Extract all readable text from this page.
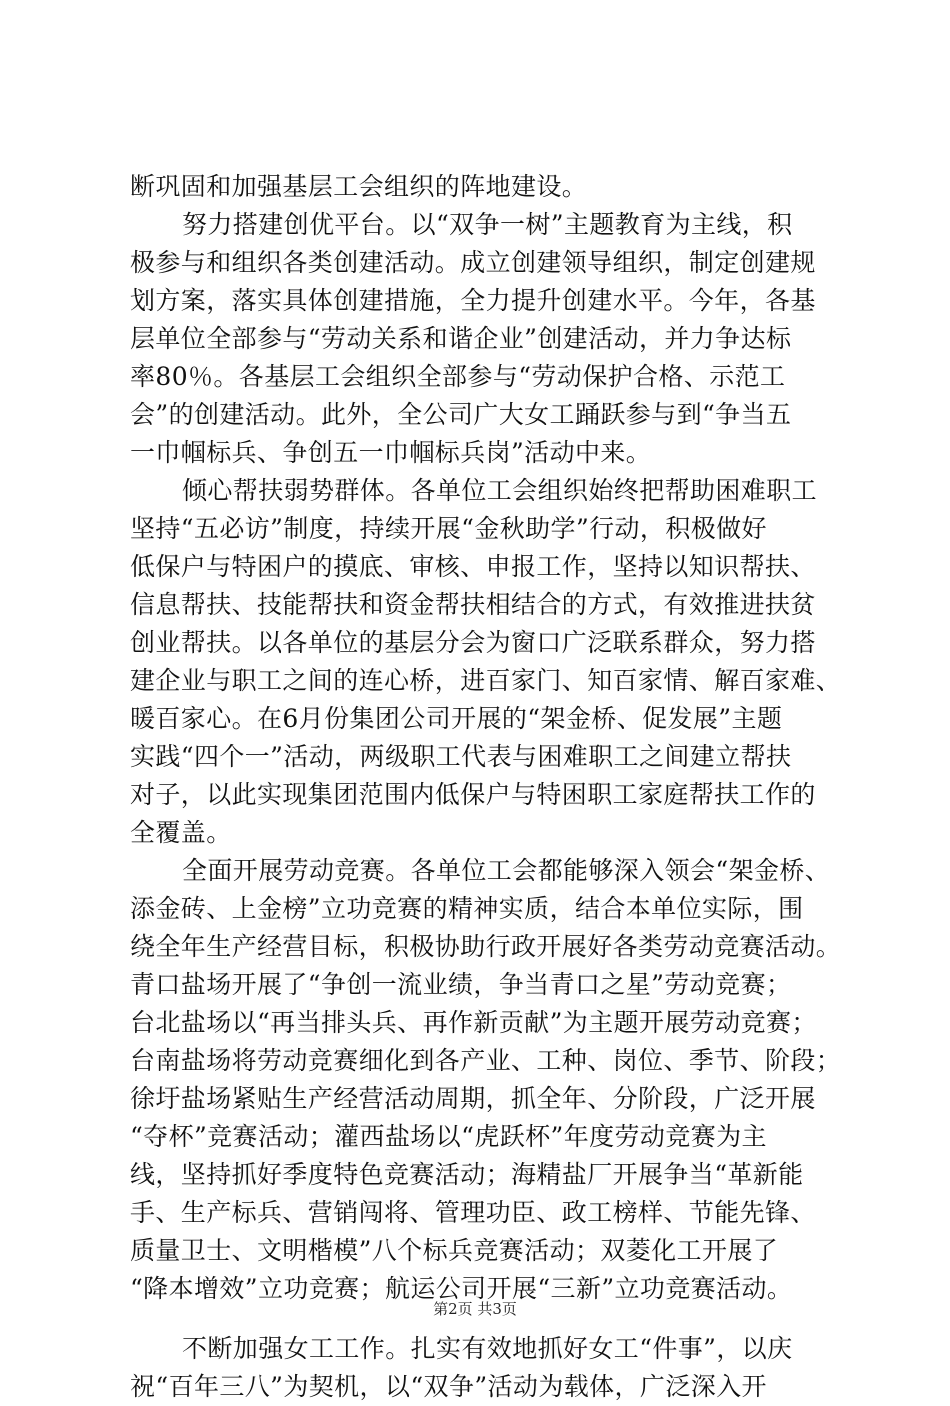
断巩固和加强基层工会组织的阵地建设。
努力搭建创优平台。以“双争一树”主题教育为主线，积
极参与和组织各类创建活动。成立创建领导组织，制定创建规
划方案，落实具体创建措施，全力提升创建水平。今年，各基
层单位全部参与“劳动关系和谐企业”创建活动，并力争达标
率80％。各基层工会组织全部参与“劳动保护合格、示范工
会”的创建活动。此外，全公司广大女工踊跃参与到“争当五
一巾帼标兵、争创五一巾帼标兵岗”活动中来。
倾心帮扶弱势群体。各单位工会组织始终把帮助困难职工
坚持“五必访”制度，持续开展“金秋助学”行动，积极做好
低保户与特困户的摸底、审核、申报工作，坚持以知识帮扶、
信息帮扶、技能帮扶和资金帮扶相结合的方式，有效推进扶贫
创业帮扶。以各单位的基层分会为窗口广泛联系群众，努力搭
建企业与职工之间的连心桥，进百家门、知百家情、解百家难、
暖百家心。在6月份集团公司开展的“架金桥、促发展”主题
实践“四个一”活动，两级职工代表与困难职工之间建立帮扶
对子，以此实现集团范围内低保户与特困职工家庭帮扶工作的
全覆盖。
全面开展劳动竞赛。各单位工会都能够深入领会“架金桥、
添金砖、上金榜”立功竞赛的精神实质，结合本单位实际，围
绕全年生产经营目标，积极协助行政开展好各类劳动竞赛活动。
青口盐场开展了“争创一流业绩，争当青口之星”劳动竞赛；
台北盐场以“再当排头兵、再作新贡献”为主题开展劳动竞赛；
台南盐场将劳动竞赛细化到各产业、工种、岗位、季节、阶段；
徐圩盐场紧贴生产经营活动周期，抓全年、分阶段，广泛开展
“夺杯”竞赛活动；灌西盐场以“虎跃杯”年度劳动竞赛为主
线，坚持抓好季度特色竞赛活动；海精盐厂开展争当“革新能
手、生产标兵、营销闯将、管理功臣、政工榜样、节能先锋、
质量卫士、文明楷模”八个标兵竞赛活动；双菱化工开展了
“降本增效”立功竞赛；航运公司开展“三新”立功竞赛活动。
不断加强女工工作。扎实有效地抓好女工“件事”，以庆
祝“百年三八”为契机，以“双争”活动为载体，广泛深入开
第2页 共3页
